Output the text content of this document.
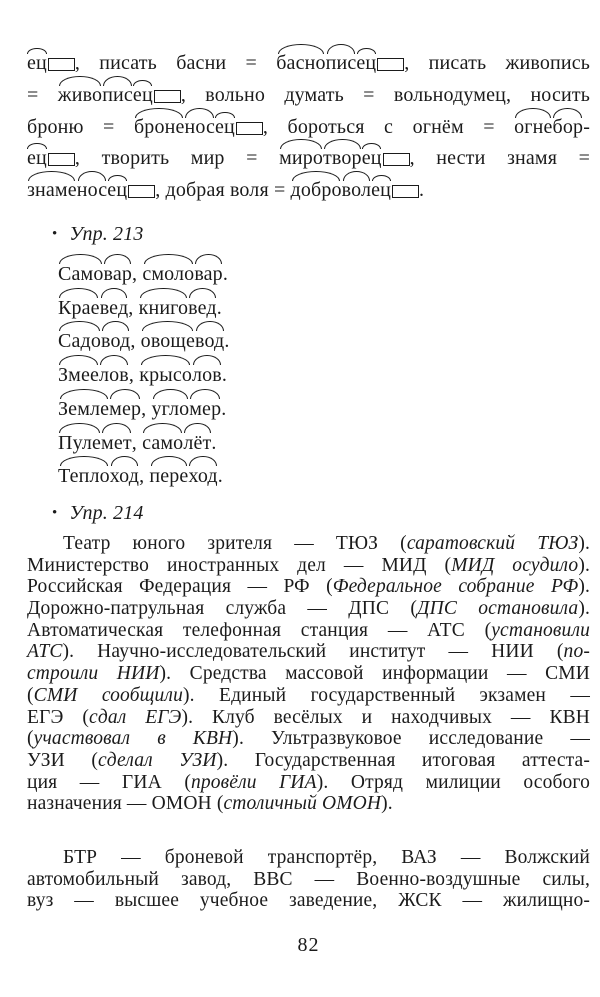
ец , писать басни = баснописец , писать живопись
= живописец , вольно думать = вольнодумец, носить
броню = броненосец , бороться с огнём = огнебор-
ец , творить мир = миротворец , нести знамя =
знаменосец , добрая воля = доброволец .
• Упр. 213
Самовар, смоловар.
Краевед, книговед.
Садовод, овощевод.
Змеелов, крысолов.
Землемер, угломер.
Пулемет, самолёт.
Теплоход, переход.
• Упр. 214
Театр юного зрителя — ТЮЗ (саратовский ТЮЗ).
Министерство иностранных дел — МИД (МИД осудило).
Российская Федерация — РФ (Федеральное собрание РФ).
Дорожно-патрульная служба — ДПС (ДПС остановила).
Автоматическая телефонная станция — АТС (установили
АТС). Научно-исследовательский институт — НИИ (по-
строили НИИ). Средства массовой информации — СМИ
(СМИ сообщили). Единый государственный экзамен —
ЕГЭ (сдал ЕГЭ). Клуб весёлых и находчивых — КВН
(участвовал в КВН). Ультразвуковое исследование —
УЗИ (сделал УЗИ). Государственная итоговая аттеста-
ция — ГИА (провёли ГИА). Отряд милиции особого
назначения — ОМОН (столичный ОМОН).
БТР — броневой транспортёр, ВАЗ — Волжский
автомобильный завод, ВВС — Военно-воздушные силы,
вуз — высшее учебное заведение, ЖСК — жилищно-
82
